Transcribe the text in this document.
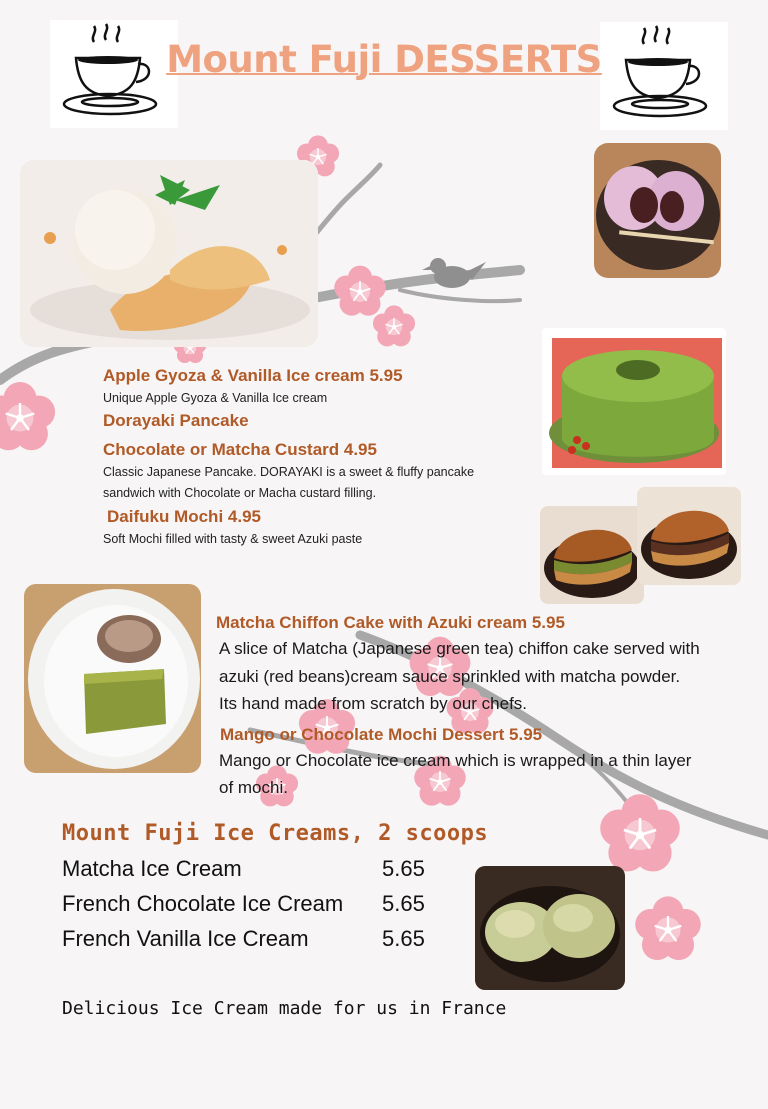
Mount Fuji DESSERTS
Apple Gyoza & Vanilla Ice cream 5.95
Unique Apple Gyoza & Vanilla Ice cream
Dorayaki Pancake
Chocolate or Matcha Custard 4.95
Classic Japanese Pancake. DORAYAKI is a sweet & fluffy pancake
sandwich with Chocolate or Macha custard filling.
Daifuku Mochi 4.95
Soft Mochi filled with tasty & sweet Azuki paste
Matcha Chiffon Cake with Azuki cream 5.95
A slice of Matcha (Japanese green tea) chiffon cake served with
azuki (red beans)cream sauce sprinkled with matcha powder.
Its hand made from scratch by our chefs.
Mango or Chocolate Mochi Dessert 5.95
Mango or Chocolate ice cream which is wrapped in a thin layer
of mochi.
Mount Fuji Ice Creams, 2 scoops
Matcha Ice Cream	5.65
French Chocolate Ice Cream 5.65
French Vanilla Ice Cream	5.65
Delicious Ice Cream made for us in France
